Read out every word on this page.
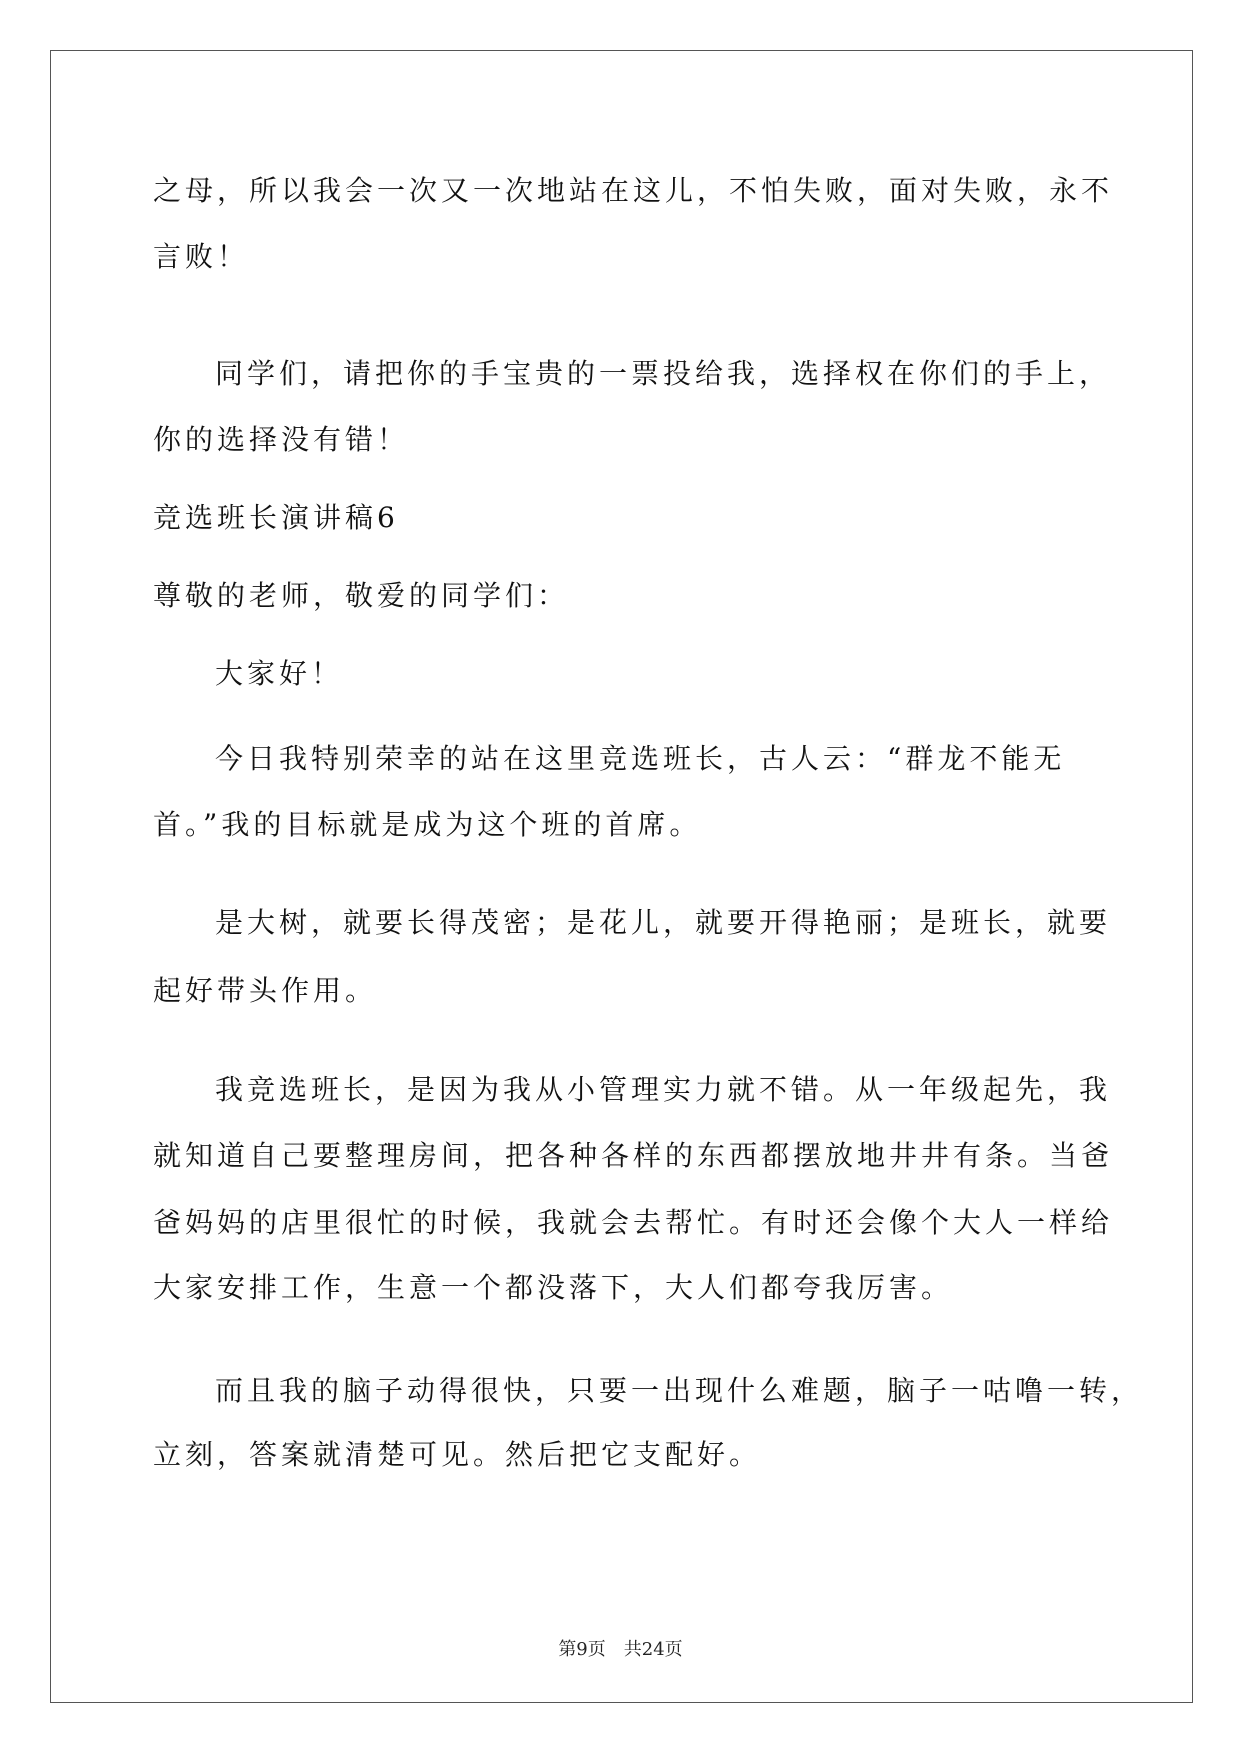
之母，所以我会一次又一次地站在这儿，不怕失败，面对失败，永不
言败！
同学们，请把你的手宝贵的一票投给我，选择权在你们的手上，
你的选择没有错！
竞选班长演讲稿6
尊敬的老师，敬爱的同学们：
大家好！
今日我特别荣幸的站在这里竞选班长，古人云：“群龙不能无
首。”我的目标就是成为这个班的首席。
是大树，就要长得茂密；是花儿，就要开得艳丽；是班长，就要
起好带头作用。
我竞选班长，是因为我从小管理实力就不错。从一年级起先，我
就知道自己要整理房间，把各种各样的东西都摆放地井井有条。当爸
爸妈妈的店里很忙的时候，我就会去帮忙。有时还会像个大人一样给
大家安排工作，生意一个都没落下，大人们都夸我厉害。
而且我的脑子动得很快，只要一出现什么难题，脑子一咕噜一转，
立刻，答案就清楚可见。然后把它支配好。
第9页 共24页
